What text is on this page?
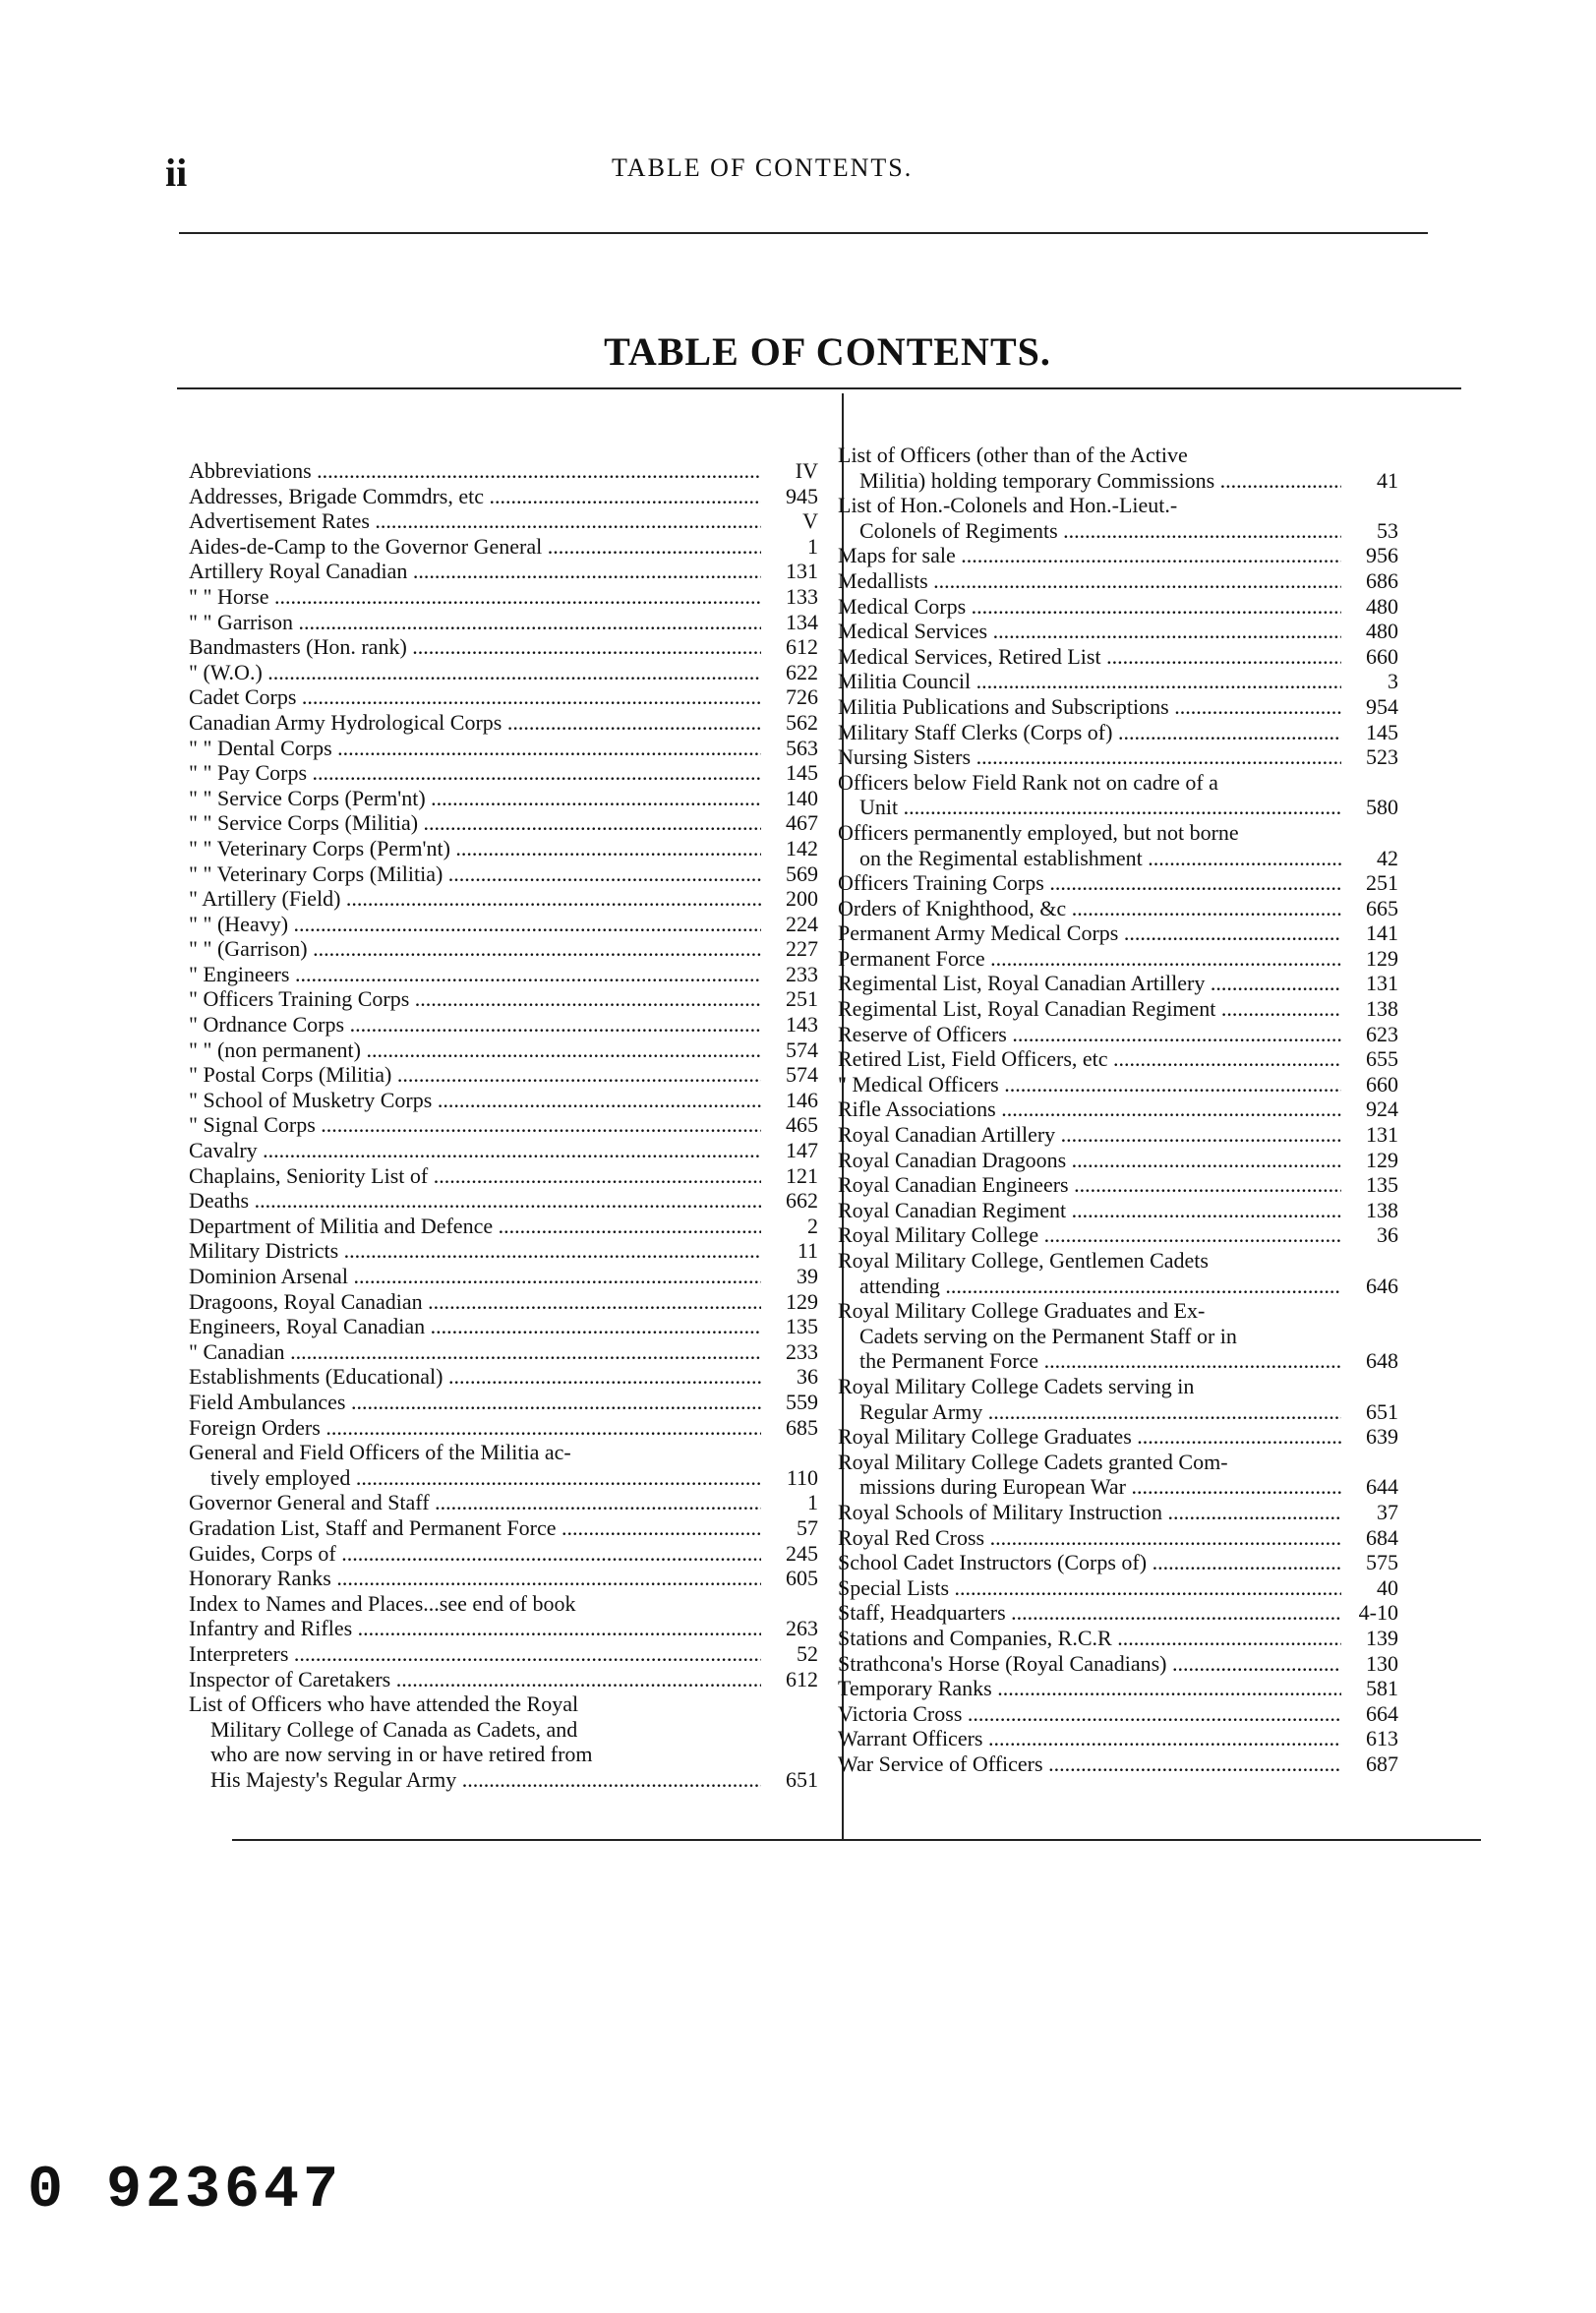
ii	TABLE OF CONTENTS.
TABLE OF CONTENTS.
Abbreviations .....	IV
Addresses, Brigade Commdrs, etc .....	945
Advertisement Rates .....	V
Aides-de-Camp to the Governor General .....	1
Artillery Royal Canadian .....	131
" " Horse .....	133
" " Garrison .....	134
Bandmasters (Hon. rank) .....	612
" (W.O.) .....	622
Cadet Corps .....	726
Canadian Army Hydrological Corps .....	562
" " Dental Corps .....	563
" " Pay Corps .....	145
" " Service Corps (Perm'nt) .....	140
" " Service Corps (Militia) .....	467
" " Veterinary Corps (Perm'nt) .....	142
" " Veterinary Corps (Militia) .....	569
" Artillery (Field) .....	200
" " (Heavy) .....	224
" " (Garrison) .....	227
" Engineers .....	233
" Officers Training Corps .....	251
" Ordnance Corps .....	143
" " (non permanent) .....	574
" Postal Corps (Militia) .....	574
" School of Musketry Corps .....	146
" Signal Corps .....	465
Cavalry .....	147
Chaplains, Seniority List of .....	121
Deaths .....	662
Department of Militia and Defence .....	2
Military Districts .....	11
Dominion Arsenal .....	39
Dragoons, Royal Canadian .....	129
Engineers, Royal Canadian .....	135
" Canadian .....	233
Establishments (Educational) .....	36
Field Ambulances .....	559
Foreign Orders .....	685
General and Field Officers of the Militia ac-
tively employed .....	110
Governor General and Staff .....	1
Gradation List, Staff and Permanent Force .....	57
Guides, Corps of .....	245
Honorary Ranks .....	605
Index to Names and Places...see end of book
Infantry and Rifles .....	263
Interpreters .....	52
Inspector of Caretakers .....	612
List of Officers who have attended the Royal
Military College of Canada as Cadets, and
who are now serving in or have retired from
His Majesty's Regular Army .....	651
List of Officers (other than of the Active
Militia) holding temporary Commissions .....	41
List of Hon.-Colonels and Hon.-Lieut.-
Colonels of Regiments .....	53
Maps for sale .....	956
Medallists .....	686
Medical Corps .....	480
Medical Services .....	480
Medical Services, Retired List .....	660
Militia Council .....	3
Militia Publications and Subscriptions .....	954
Military Staff Clerks (Corps of) .....	145
Nursing Sisters .....	523
Officers below Field Rank not on cadre of a
Unit .....	580
Officers permanently employed, but not borne
on the Regimental establishment .....	42
Officers Training Corps .....	251
Orders of Knighthood, &c .....	665
Permanent Army Medical Corps .....	141
Permanent Force .....	129
Regimental List, Royal Canadian Artillery .....	131
Regimental List, Royal Canadian Regiment .....	138
Reserve of Officers .....	623
Retired List, Field Officers, etc .....	655
" Medical Officers .....	660
Rifle Associations .....	924
Royal Canadian Artillery .....	131
Royal Canadian Dragoons .....	129
Royal Canadian Engineers .....	135
Royal Canadian Regiment .....	138
Royal Military College .....	36
Royal Military College, Gentlemen Cadets
attending .....	646
Royal Military College Graduates and Ex-
Cadets serving on the Permanent Staff or in
the Permanent Force .....	648
Royal Military College Cadets serving in
Regular Army .....	651
Royal Military College Graduates .....	639
Royal Military College Cadets granted Com-
missions during European War .....	644
Royal Schools of Military Instruction .....	37
Royal Red Cross .....	684
School Cadet Instructors (Corps of) .....	575
Special Lists .....	40
Staff, Headquarters .....	4-10
Stations and Companies, R.C.R .....	139
Strathcona's Horse (Royal Canadians) .....	130
Temporary Ranks .....	581
Victoria Cross .....	664
Warrant Officers .....	613
War Service of Officers .....	687
0 923647
